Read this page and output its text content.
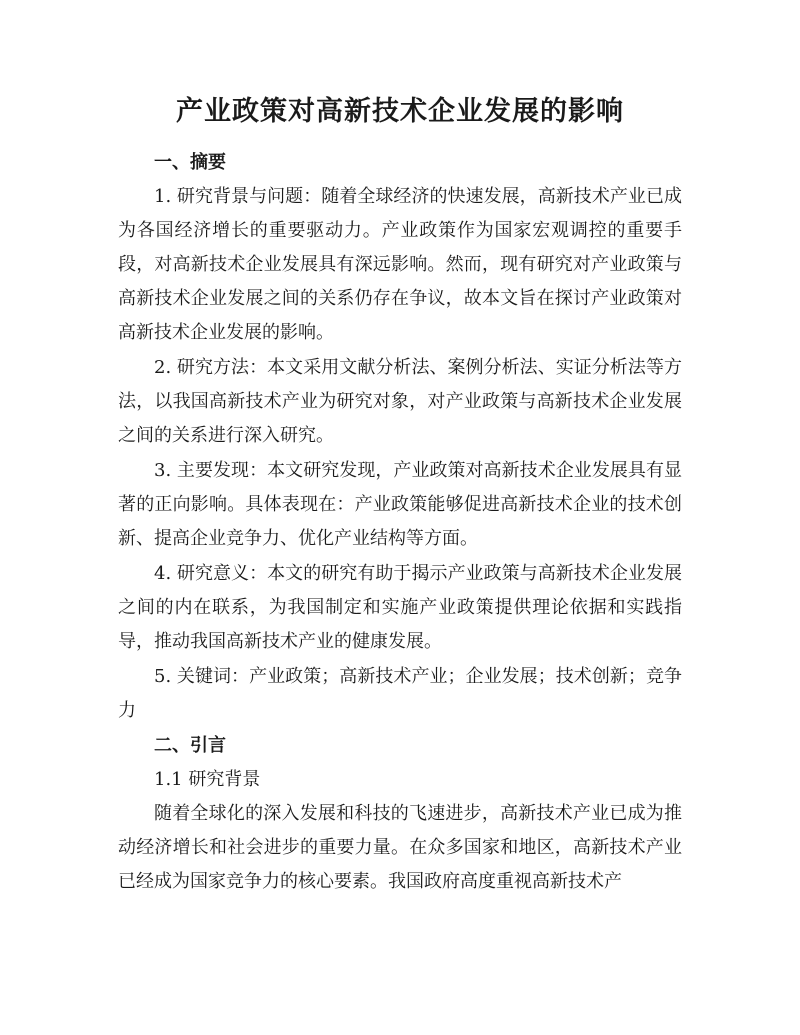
产业政策对高新技术企业发展的影响

一、摘要

1. 研究背景与问题：随着全球经济的快速发展，高新技术产业已成为各国经济增长的重要驱动力。产业政策作为国家宏观调控的重要手段，对高新技术企业发展具有深远影响。然而，现有研究对产业政策与高新技术企业发展之间的关系仍存在争议，故本文旨在探讨产业政策对高新技术企业发展的影响。

2. 研究方法：本文采用文献分析法、案例分析法、实证分析法等方法，以我国高新技术产业为研究对象，对产业政策与高新技术企业发展之间的关系进行深入研究。

3. 主要发现：本文研究发现，产业政策对高新技术企业发展具有显著的正向影响。具体表现在：产业政策能够促进高新技术企业的技术创新、提高企业竞争力、优化产业结构等方面。

4. 研究意义：本文的研究有助于揭示产业政策与高新技术企业发展之间的内在联系，为我国制定和实施产业政策提供理论依据和实践指导，推动我国高新技术产业的健康发展。

5. 关键词：产业政策；高新技术产业；企业发展；技术创新；竞争力

二、引言

1.1 研究背景

随着全球化的深入发展和科技的飞速进步，高新技术产业已成为推动经济增长和社会进步的重要力量。在众多国家和地区，高新技术产业已经成为国家竞争力的核心要素。我国政府高度重视高新技术产
